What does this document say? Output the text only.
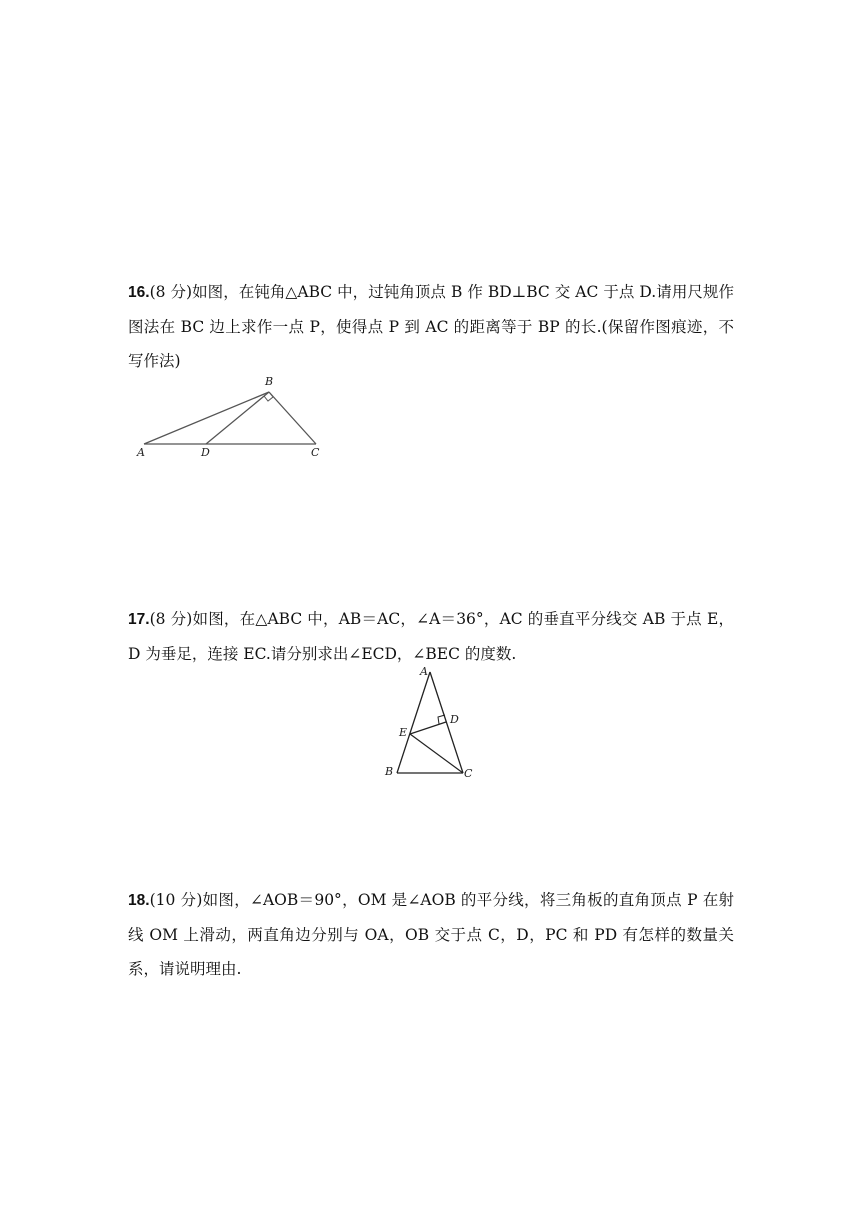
16.(8 分)如图，在钝角△ABC 中，过钝角顶点 B 作 BD⊥BC 交 AC 于点 D.请用尺规作图法在 BC 边上求作一点 P，使得点 P 到 AC 的距离等于 BP 的长.(保留作图痕迹，不写作法)

B
A	D	C

17.(8 分)如图，在△ABC 中，AB＝AC，∠A＝36°，AC 的垂直平分线交 AB 于点 E，D 为垂足，连接 EC.请分别求出∠ECD，∠BEC 的度数.

A
D
E
B	C

18.(10 分)如图，∠AOB＝90°，OM 是∠AOB 的平分线，将三角板的直角顶点 P 在射线 OM 上滑动，两直角边分别与 OA，OB 交于点 C，D，PC 和 PD 有怎样的数量关系，请说明理由.
